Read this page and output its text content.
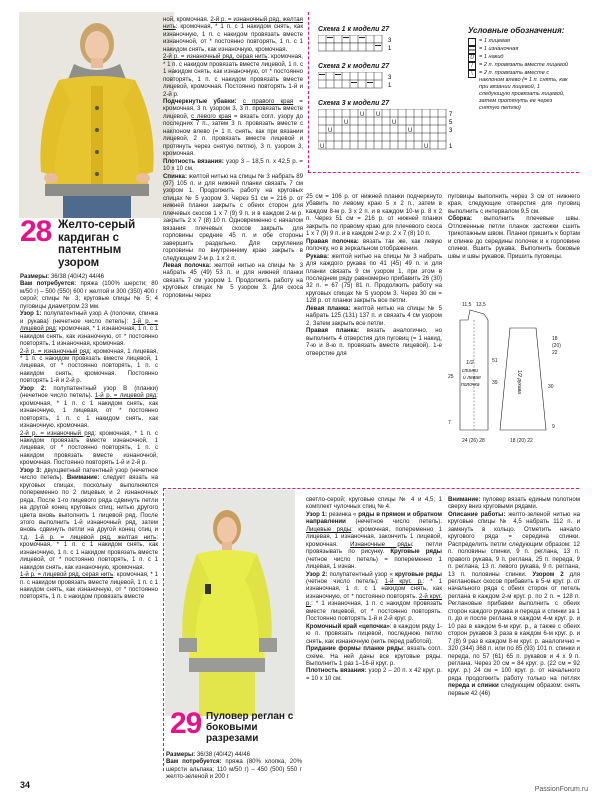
28 Желто-серый кардиган с патентным узором
Размеры: 36/38 (40/42) 44/46
Вам потребуется: пряжа (100% шерсти; 80 м/50 г) – 500 (550) 600 г желтой и 300 (350) 400 г серой; спицы № 3; круговые спицы № 5; 4 пуговицы диаметром 23 мм.
Узор 1: полупатентный узор А (полочки, спинка и рукава) (нечетное число петель): 1-й р. = лицевой ряд: кромочная, * 1 изнаночная, 1 п. с 1 накидом снять, как изнаночную, от * постоянно повторять, 1 изнаночная, кромочная.
2-й р. = изнаночный ряд: кромочная, 1 лицевая, * 1 п. с накидом провязать вместе лицевой, 1 лицевая, от * постоянно повторять, 1 п. с накидом снять, кромочная. Постоянно повторять 1-й и 2-й р.
Узор 2: полупатентный узор В (планки) (нечетное число петель). 1-й р. = лицевой ряд: кромочная, * 1 п. с 1 накидом снять, как изнаночную, 1 лицевая, от * постоянно повторять, 1 п. с 1 накидом снять, как изнаночную, кромочная.
2-й р. = изнаночный ряд: кромочная, * 1 п. с накидом провязать вместе изнаночной, 1 лицевая, от * постоянно повторять, 1 п. с накидом провязать вместе изнаночной, кромочная. Постоянно повторять 1-й и 2-й р.
Узор 3: двухцветный патентный узор (нечетное число петель). Внимание: следует вязать на круговых спицах, поскольку выполняются попеременно по 2 лицевых и 2 изнаночных ряда. После 1-го лицевого ряда сдвинуть петли на другой конец круговых спиц, нитью другого цвета вновь выполнить 1 лицевой ряд. После этого выполнить 1-й изнаночный ряд, затем вновь сдвинуть петли на другой конец спиц и т.д. 1-й р. = лицевой ряд, желтая нить: кромочная, * 1 п. с 1 накидом снять, как изнаночную, 1 п. с 1 накидом провязать вместе лицевой, от * постоянно повторять, 1 п. с 1 накидом снять, как изнаночную, кромочная.
1-й р. = лицевой ряд, серая нить: кромочная, * 1 п. с накидом провязать вместе лицевой, 1 п. с 1 накидом снять, как изнаночную, от * постоянно повторять, 1 п. с накидом провязать вместе
ной, кромочная. 2-й р. = изнаночный ряд, желтая нить: кромочная, * 1 п. с 1 накидом снять, как изнаночную, 1 п. с накидом провязать вместе изнаночной, от * постоянно повторять, 1 п. с 1 накидом снять, как изнаночную, кромочная.
2-й р. = изнаночный ряд, серая нить: кромочная, * 1 п. с накидом провязать вместе лицевой, 1 п. с 1 накидом снять, как изнаночную, от * постоянно повторять, 1 п. с накидом провязать вместе лицевой, кромочная. Постоянно повторять 1-й и 2-й р.
Подчеркнутые убавки: с правого края = кромочная, 3 п. узором 3, 3 п. провязать вместе лицевой, с левого края = вязать согл. узору до последних 7 п., затем 3 п. провязать вместе с наклоном влево (= 1 п. снять, как при вязании лицевой, 2 п. провязать вместе лицевой и протянуть через снятую петлю), 3 п. узором 3, кромочная.
Плотность вязания: узор 3 – 18,5 п. х 42,5 р. = 10 х 10 см.
Спинка: желтой нитью на спицы № 3 набрать 89 (97) 105 п. и для нижней планки связать 7 см узором 1. Продолжить работу на круговых спицах № 5 узором 3. Через 51 см = 216 р. от нижней планки закрыть с обеих сторон для плечевых скосов 1 х 7 (9) 9 п. и в каждом 2-м р. закрыть 2 х 7 (8) 10 п. Одновременно с началом вязания плечевых скосов закрыть для горловины средние 45 п. и обе стороны завершить раздельно. Для скругления горловины по внутреннему краю закрыть в следующем 2-м р. 1 х 2 п.
Левая полочка: желтой нитью на спицы № 3 набрать 45 (49) 53 п. и для нижней планки связать 7 см узором 1. Продолжить работу на круговых спицах № 5 узором 3. Для скоса горловины через
Схема 1 к модели 27
3
1
Схема 2 к модели 27
3
1
Схема 3 к модели 27
U U
U	U
U	U
U	U
7
5
3
1
Условные обозначения:
= 1 лицевая
= 1 изнаночная
U = 1 накид
/	= 2 п. провязать вместе лицевой
\	= 2 п. провязать вместе с наклоном влево (= 1 п. снять, как при вязании лицевой, 1 следующую провязать лицевой, затем протянуть ее через снятую петлю)
25 см = 106 р. от нижней планки подчеркнуто убавить по левому краю 5 х 2 п., затем в каждом 8-м р. 3 х 2 п. и в каждом 10-м р. 8 х 2 п. Через 51 см = 216 р. от нижней планки закрыть по правому краю для плечевого скоса 1 х 7 (9) 9 п. и в каждом 2-м р. 2 х 7 (8) 10 п.
Правая полочка: вязать так же, как левую полочку, но в зеркальном отображении.
Рукава: желтой нитью на спицы № 3 набрать для каждого рукава по 41 (45) 49 п. и для планки связать 9 см узором 1, при этом в последнем ряду равномерно прибавить 26 (30) 32 п. = 67 (75) 81 п. Продолжить работу на круговых спицах № 5 узором 3. Через 30 см = 128 р. от планки закрыть все петли.
Левая планка: желтой нитью на спицы № 5 набрать 125 (131) 137 п. и связать 4 см узором 2. Затем закрыть все петли.
Правая планка: вязать аналогично, но выполнить 4 отверстия для пуговиц (= 1 накид, 7-ю и 8-ю п. провязать вместе лицевой). 1-е отверстие для
пуговицы выполнить через 3 см от нижнего края, следующие отверстия для пуговиц выполнить с интервалом 9,5 см.
Сборка: выполнить плечевые швы. Отложенные петли планок застежки сшить трикотажным швом. Планки пришить к бортам и спинке до середины полочек и к горловине спинки. Вшить рукава. Выполнить боковые швы и швы рукавов. Пришить пуговицы.
1/2
спинки
и левая
полочка
25
51
7
24 (26) 28
11,5 13,5
1/2 рукава
39
30
18
(20)
22
9
18 (20) 22
29 Пуловер реглан с боковыми разрезами
Размеры: 36/38 (40/42) 44/46
Вам потребуется: пряжа (80% хлопка, 20% шерсти альпака; 110 м/50 г) – 450 (500) 550 г желто-зеленой и 200 г
светло-серой; круговые спицы № 4 и 4,5; 1 комплект чулочных спиц № 4.
Узор 1: резинка « ряды в прямом и обратном направлении (нечетное число петель). Лицевые ряды: кромочная, попеременно 1 лицевая, 1 изнаночная, закончить 1 лицевой, кромочная. Изнаночные ряды: петли провязывать по рисунку. Круговые ряды (четное число петель) = попеременно 1 лицевая, 1 изнан.
Узор 2: полупатентный узор « круговые ряды (четное число петель): 1-й круг. р.: * 1 изнаночная, 1 п. с 1 накидом снять, как изнаночную, от * постоянно повторять. 2-й круг. р.: * 1 изнаночная, 1 п. с накидом провязать вместе лицевой, от * постоянно повторять. Постоянно повторять 1-й и 2-й круг. р.
Кромочный край «цепочка»: в каждом ряду 1-ю п. провязать лицевой, последнюю петлю снять, как изнаночную (нить перед работой).
Придание формы планке ряды: вязать согл. схеме. На ней даны все круговые ряды. Выполнить 1 раз 1–16-й круг. р.
Плотность вязания: узор 2 – 20 п. х 42 круг. р. = 10 х 10 см.
Внимание: пуловер вязать единым полотном сверху вниз круговыми рядами.
Описание работы: желто-зеленой нитью на круговые спицы № 4,5 набрать 112 п. и замкнуть в кольцо. Отметить начало кругового ряда = середина спинки. Распределить петли следующим образом: 12 п. половины спинки, 9 п. реглана, 13 п. правого рукава, 9 п. реглана, 25 п. переда, 9 п. реглана, 13 п. левого рукава, 9 п. реглана, 13 п. половины спинки. Узором 2 для реглановых скосов прибавить в 5-м круг. р. от начального ряда с обеих сторон от петель реглана в каждом 2-м круг. р. по 2 п. = 128 п. Реглановые прибавки выполнить с обеих сторон каждого рукава и переда и спинки за 1 п. до и после реглана в каждом 4-м круг. р. и 10 раз в каждом 6-м круг. р., а также с обеих сторон рукавов 3 раза в каждом 6-м круг. р. и 7 (8) 9 раз в каждом 8-м круг. р. аналогично = 320 (344) 368 п. или по 85 (93) 101 п. спинки и переда, по 57 (61) 65 п. рукавов и 4 х 9 п. реглана. Через 20 см = 84 круг. р. (22 см = 92 круг. р.) 24 см = 100 круг. р. от начального ряда продолжить работу только на петлях переда и спинки следующим образом: снять первые 42 (46)
34	PassionForum.ru
